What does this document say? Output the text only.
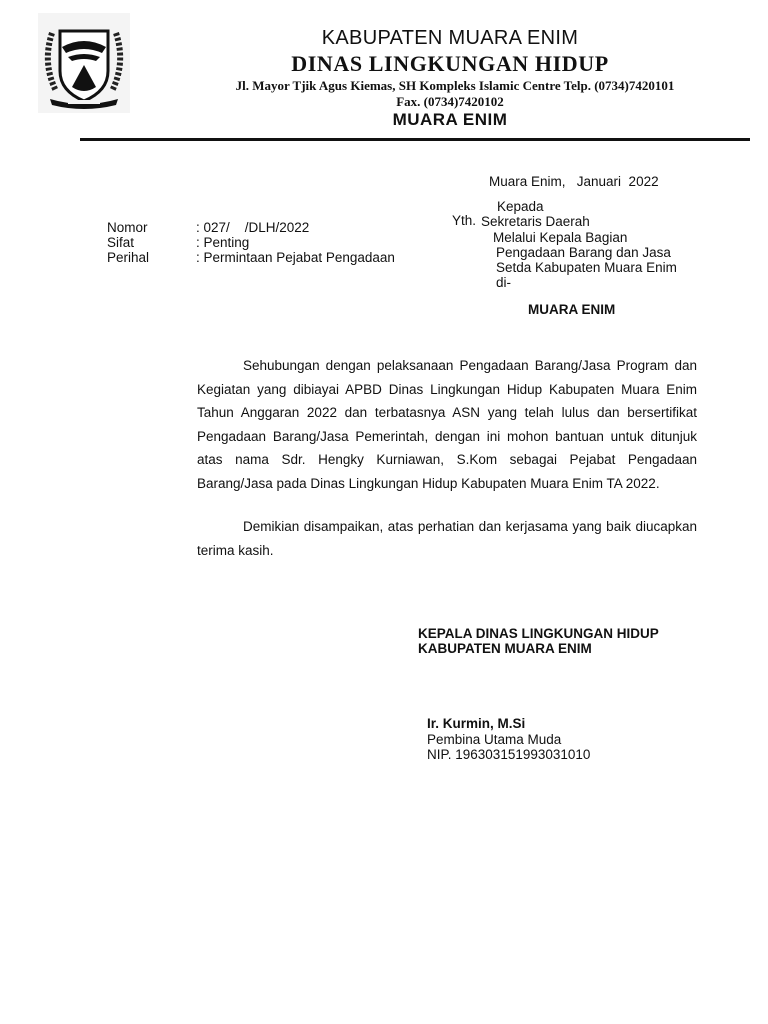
KABUPATEN MUARA ENIM
DINAS LINGKUNGAN HIDUP
Jl. Mayor Tjik Agus Kiemas, SH Kompleks Islamic Centre Telp. (0734)7420101
Fax. (0734)7420102
MUARA ENIM
Muara Enim,   Januari  2022
Nomor	: 027/    /DLH/2022
Sifat	: Penting
Perihal	: Permintaan Pejabat Pengadaan
Yth.
Kepada
Sekretaris Daerah
Melalui Kepala Bagian
Pengadaan Barang dan Jasa
Setda Kabupaten Muara Enim
di-
MUARA ENIM
Sehubungan dengan pelaksanaan Pengadaan Barang/Jasa Program dan Kegiatan yang dibiayai APBD Dinas Lingkungan Hidup Kabupaten Muara Enim Tahun Anggaran 2022 dan terbatasnya ASN yang telah lulus dan bersertifikat Pengadaan Barang/Jasa Pemerintah, dengan ini mohon bantuan untuk ditunjuk atas nama Sdr. Hengky Kurniawan, S.Kom sebagai Pejabat Pengadaan Barang/Jasa pada Dinas Lingkungan Hidup Kabupaten Muara Enim TA 2022.
Demikian disampaikan, atas perhatian dan kerjasama yang baik diucapkan terima kasih.
KEPALA DINAS LINGKUNGAN HIDUP
KABUPATEN MUARA ENIM
Ir. Kurmin, M.Si
Pembina Utama Muda
NIP. 196303151993031010
